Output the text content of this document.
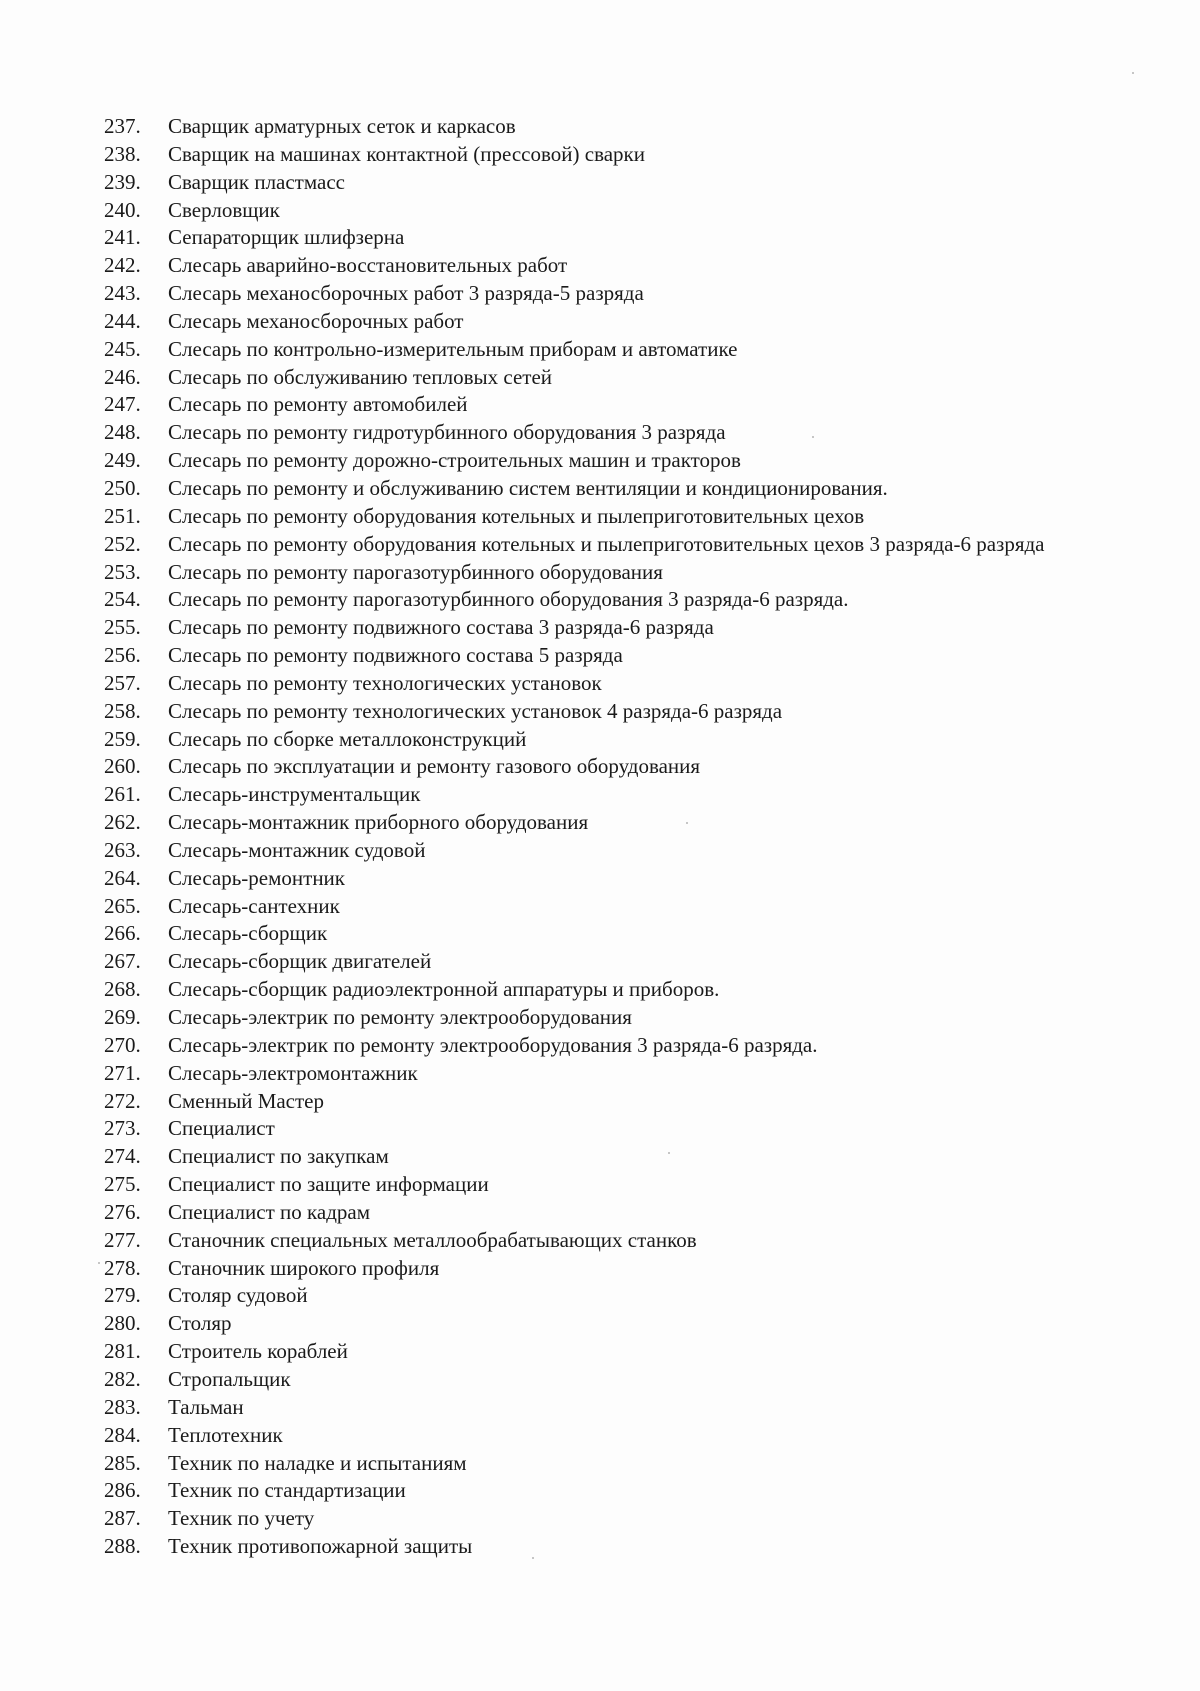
237.	Сварщик арматурных сеток и каркасов
238.	Сварщик на машинах контактной (прессовой) сварки
239.	Сварщик пластмасс
240.	Сверловщик
241.	Сепараторщик шлифзерна
242.	Слесарь аварийно-восстановительных работ
243.	Слесарь механосборочных работ 3 разряда-5 разряда
244.	Слесарь механосборочных работ
245.	Слесарь по контрольно-измерительным приборам и автоматике
246.	Слесарь по обслуживанию тепловых сетей
247.	Слесарь по ремонту автомобилей
248.	Слесарь по ремонту гидротурбинного оборудования 3 разряда
249.	Слесарь по ремонту дорожно-строительных машин и тракторов
250.	Слесарь по ремонту и обслуживанию систем вентиляции и кондиционирования.
251.	Слесарь по ремонту оборудования котельных и пылеприготовительных цехов
252.	Слесарь по ремонту оборудования котельных и пылеприготовительных цехов 3 разряда-6 разряда
253.	Слесарь по ремонту парогазотурбинного оборудования
254.	Слесарь по ремонту парогазотурбинного оборудования 3 разряда-6 разряда.
255.	Слесарь по ремонту подвижного состава 3 разряда-6 разряда
256.	Слесарь по ремонту подвижного состава 5 разряда
257.	Слесарь по ремонту технологических установок
258.	Слесарь по ремонту технологических установок 4 разряда-6 разряда
259.	Слесарь по сборке металлоконструкций
260.	Слесарь по эксплуатации и ремонту газового оборудования
261.	Слесарь-инструментальщик
262.	Слесарь-монтажник приборного оборудования
263.	Слесарь-монтажник судовой
264.	Слесарь-ремонтник
265.	Слесарь-сантехник
266.	Слесарь-сборщик
267.	Слесарь-сборщик двигателей
268.	Слесарь-сборщик радиоэлектронной аппаратуры и приборов.
269.	Слесарь-электрик по ремонту электрооборудования
270.	Слесарь-электрик по ремонту электрооборудования 3 разряда-6 разряда.
271.	Слесарь-электромонтажник
272.	Сменный Мастер
273.	Специалист
274.	Специалист по закупкам
275.	Специалист по защите информации
276.	Специалист по кадрам
277.	Станочник специальных металлообрабатывающих станков
278.	Станочник широкого профиля
279.	Столяр судовой
280.	Столяр
281.	Строитель кораблей
282.	Стропальщик
283.	Тальман
284.	Теплотехник
285.	Техник по наладке и испытаниям
286.	Техник по стандартизации
287.	Техник по учету
288.	Техник противопожарной защиты
